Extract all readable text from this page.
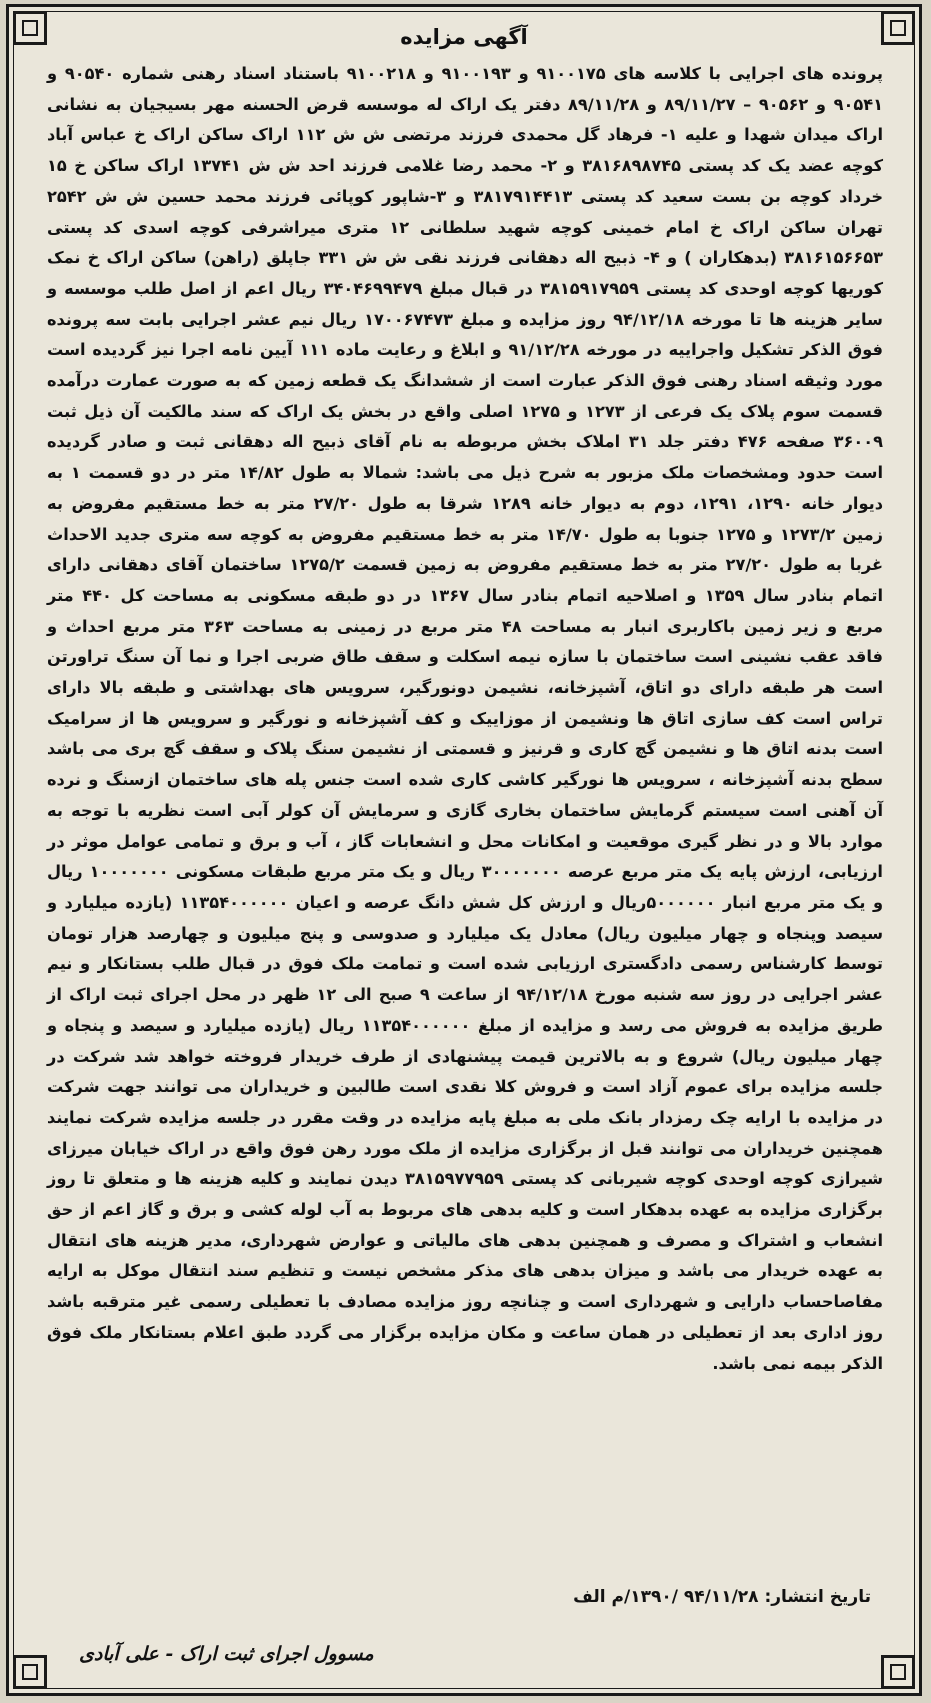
آگهی مزایده
پرونده های اجرایی با کلاسه های ۹۱۰۰۱۷۵ و ۹۱۰۰۱۹۳ و ۹۱۰۰۲۱۸ باستناد اسناد رهنی شماره ۹۰۵۴۰ و ۹۰۵۴۱ و ۹۰۵۶۲ – ۸۹/۱۱/۲۷ و ۸۹/۱۱/۲۸ دفتر یک اراک له موسسه قرض الحسنه مهر بسیجیان به نشانی اراک میدان شهدا و علیه ۱- فرهاد گل محمدی فرزند مرتضی ش ش ۱۱۲ اراک ساکن اراک خ عباس آباد کوچه عضد یک کد پستی ۳۸۱۶۸۹۸۷۴۵ و ۲- محمد رضا غلامی فرزند احد ش ش ۱۳۷۴۱ اراک ساکن خ ۱۵ خرداد کوچه بن بست سعید کد پستی ۳۸۱۷۹۱۴۴۱۳ و ۳-شاپور کوپائی فرزند محمد حسین ش ش ۲۵۴۲ تهران ساکن اراک خ امام خمینی کوچه شهید سلطانی ۱۲ متری میراشرفی کوچه اسدی کد پستی ۳۸۱۶۱۵۶۶۵۳ (بدهکاران ) و ۴- ذبیح اله دهقانی فرزند نقی ش ش ۳۳۱ جاپلق (راهن) ساکن اراک خ نمک کوریها کوچه اوحدی کد پستی ۳۸۱۵۹۱۷۹۵۹ در قبال مبلغ ۳۴۰۴۶۹۹۴۷۹ ریال اعم از اصل طلب موسسه و سایر هزینه ها تا مورخه ۹۴/۱۲/۱۸ روز مزایده و مبلغ ۱۷۰۰۶۷۴۷۳ ریال نیم عشر اجرایی بابت سه پرونده فوق الذکر تشکیل واجراییه در مورخه ۹۱/۱۲/۲۸ و ابلاغ و رعایت ماده ۱۱۱ آیین نامه اجرا نیز گردیده است مورد وثیقه اسناد رهنی فوق الذکر عبارت است از ششدانگ یک قطعه زمین که به صورت عمارت درآمده قسمت سوم پلاک یک فرعی از ۱۲۷۳ و ۱۲۷۵ اصلی واقع در بخش یک اراک که سند مالکیت آن ذیل ثبت ۳۶۰۰۹ صفحه ۴۷۶ دفتر جلد ۳۱ املاک بخش مربوطه به نام آقای ذبیح اله دهقانی ثبت و صادر گردیده است حدود ومشخصات ملک مزبور به شرح ذیل می باشد: شمالا به طول ۱۴/۸۲ متر در دو قسمت ۱ به دیوار خانه ۱۲۹۰، ۱۲۹۱، دوم به دیوار خانه ۱۲۸۹ شرقا به طول ۲۷/۲۰ متر به خط مستقیم مفروض به زمین ۱۲۷۳/۲ و ۱۲۷۵ جنوبا به طول ۱۴/۷۰ متر به خط مستقیم مفروض به کوچه سه متری جدید الاحداث غربا به طول ۲۷/۲۰ متر به خط مستقیم مفروض به زمین قسمت ۱۲۷۵/۲ ساختمان آقای دهقانی دارای اتمام بنادر سال ۱۳۵۹ و اصلاحیه اتمام بنادر سال ۱۳۶۷ در دو طبقه مسکونی به مساحت کل ۴۴۰ متر مربع و زیر زمین باکاربری انبار به مساحت ۴۸ متر مربع در زمینی به مساحت ۳۶۳ متر مربع احداث و فاقد عقب نشینی است ساختمان با سازه نیمه اسکلت و سقف طاق ضربی اجرا و نما آن سنگ تراورتن است هر طبقه دارای دو اتاق، آشپزخانه، نشیمن دونورگیر، سرویس های بهداشتی و طبقه بالا دارای تراس است کف سازی اتاق ها ونشیمن از موزاییک و کف آشپزخانه و نورگیر و سرویس ها از سرامیک است بدنه اتاق ها و نشیمن گچ کاری و قرنیز و قسمتی از نشیمن سنگ پلاک و سقف گچ بری می باشد سطح بدنه آشپزخانه ، سرویس ها نورگیر کاشی کاری شده است جنس پله های ساختمان ازسنگ و نرده آن آهنی است سیستم گرمایش ساختمان بخاری گازی و سرمایش آن کولر آبی است نظریه با توجه به موارد بالا و در نظر گیری موقعیت و امکانات محل و انشعابات گاز ، آب و برق و تمامی عوامل موثر در ارزیابی، ارزش پایه یک متر مربع عرصه ۳۰۰۰۰۰۰۰ ریال و یک متر مربع طبقات مسکونی ۱۰۰۰۰۰۰۰ ریال و یک متر مربع انبار ۵۰۰۰۰۰۰ریال و ارزش کل شش دانگ عرصه و اعیان ۱۱۳۵۴۰۰۰۰۰۰ (یازده میلیارد و سیصد وپنجاه و چهار میلیون ریال) معادل یک میلیارد و صدوسی و پنج میلیون و چهارصد هزار تومان توسط کارشناس رسمی دادگستری ارزیابی شده است و تمامت ملک فوق در قبال طلب بستانکار و نیم عشر اجرایی در روز سه شنبه مورخ ۹۴/۱۲/۱۸ از ساعت ۹ صبح الی ۱۲ ظهر در محل اجرای ثبت اراک از طریق مزایده به فروش می رسد و مزایده از مبلغ ۱۱۳۵۴۰۰۰۰۰۰ ریال (یازده میلیارد و سیصد و پنجاه و چهار میلیون ریال) شروع و به بالاترین قیمت پیشنهادی از طرف خریدار فروخته خواهد شد شرکت در جلسه مزایده برای عموم آزاد است و فروش کلا نقدی است طالبین و خریداران می توانند جهت شرکت در مزایده با ارایه چک رمزدار بانک ملی به مبلغ پایه مزایده در وقت مقرر در جلسه مزایده شرکت نمایند همچنین خریداران می توانند قبل از برگزاری مزایده از ملک مورد رهن فوق واقع در اراک خیابان میرزای شیرازی کوچه اوحدی کوچه شیربانی کد پستی ۳۸۱۵۹۷۷۹۵۹ دیدن نمایند و کلیه هزینه ها و متعلق تا روز برگزاری مزایده به عهده بدهکار است و کلیه بدهی های مربوط به آب لوله کشی و برق و گاز اعم از حق انشعاب و اشتراک و مصرف و همچنین بدهی های مالیاتی و عوارض شهرداری، مدیر هزینه های انتقال به عهده خریدار می باشد و میزان بدهی های مذکر مشخص نیست و تنظیم سند انتقال موکل به ارایه مفاصاحساب دارایی و شهرداری است و چنانچه روز مزایده مصادف با تعطیلی رسمی غیر مترقبه باشد روز اداری بعد از تعطیلی در همان ساعت و مکان مزایده برگزار می گردد طبق اعلام بستانکار ملک فوق الذکر بیمه نمی باشد.
تاریخ انتشار: ۹۴/۱۱/۲۸ /۱۳۹۰/م الف
مسوول اجرای ثبت اراک - علی آبادی
